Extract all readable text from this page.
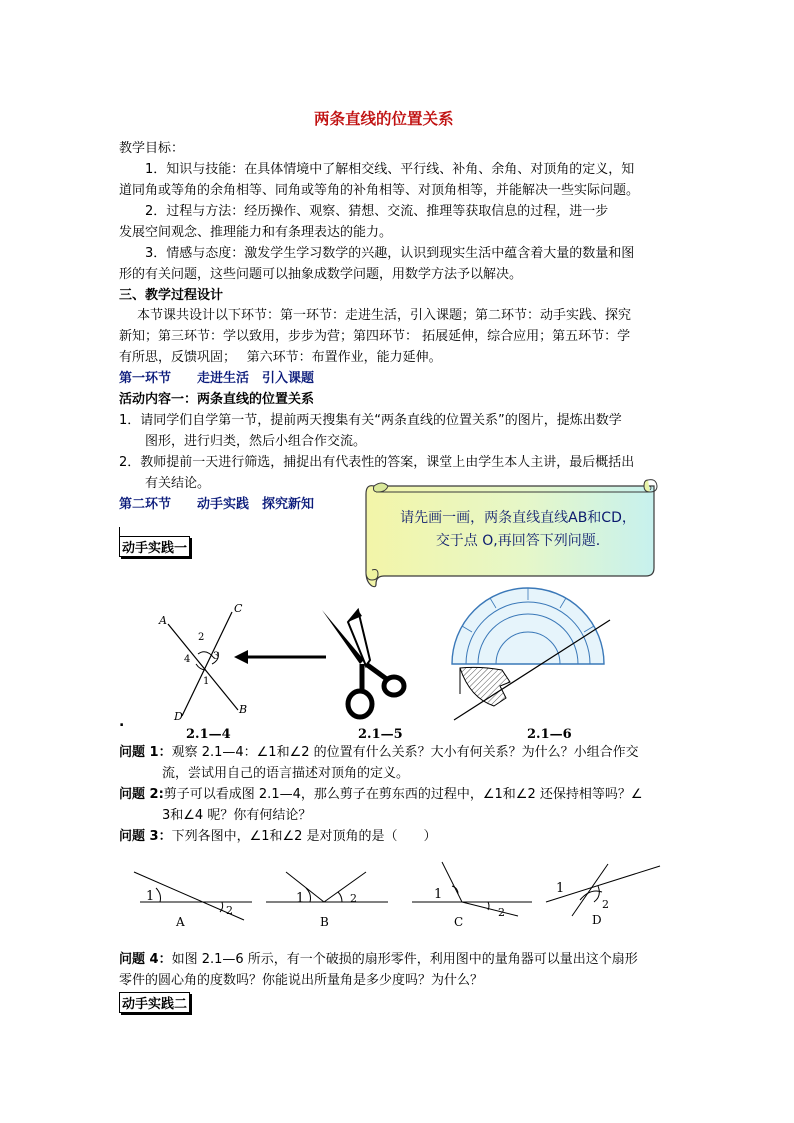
两条直线的位置关系
教学目标：
1．知识与技能：在具体情境中了解相交线、平行线、补角、余角、对顶角的定义，知
道同角或等角的余角相等、同角或等角的补角相等、对顶角相等，并能解决一些实际问题。
2．过程与方法：经历操作、观察、猜想、交流、推理等获取信息的过程，进一步
发展空间观念、推理能力和有条理表达的能力。
3．情感与态度：激发学生学习数学的兴趣，认识到现实生活中蕴含着大量的数量和图
形的有关问题，这些问题可以抽象成数学问题，用数学方法予以解决。
三、教学过程设计
本节课共设计以下环节：第一环节：走进生活，引入课题；第二环节：动手实践、探究
新知；第三环节：学以致用，步步为营；第四环节： 拓展延伸，综合应用；第五环节：学
有所思，反馈巩固；　 第六环节：布置作业，能力延伸。
第一环节　　走进生活　引入课题
活动内容一：两条直线的位置关系
1．请同学们自学第一节，提前两天搜集有关“两条直线的位置关系”的图片，提炼出数学
图形，进行归类，然后小组合作交流。
2．教师提前一天进行筛选，捕捉出有代表性的答案，课堂上由学生本人主讲，最后概括出
有关结论。
第二环节　　动手实践　探究新知
请先画一画，两条直线直线AB和CD，
交于点 O,再回答下列问题.
动手实践一
A
C
B
D
2
3
4
1
.
2.1—4	2.1—5	2.1—6
问题 1：观察 2.1—4：∠1和∠2 的位置有什么关系？大小有何关系？为什么？小组合作交
流，尝试用自己的语言描述对顶角的定义。
问题 2:剪子可以看成图 2.1—4，那么剪子在剪东西的过程中，∠1和∠2 还保持相等吗？∠
3和∠4 呢？你有何结论？
问题 3：下列各图中，∠1和∠2 是对顶角的是（　　）
1
2
A
1	2
B
1
2
C
1
2
D
问题 4：如图 2.1—6 所示，有一个破损的扇形零件，利用图中的量角器可以量出这个扇形
零件的圆心角的度数吗？你能说出所量角是多少度吗？为什么？
动手实践二
